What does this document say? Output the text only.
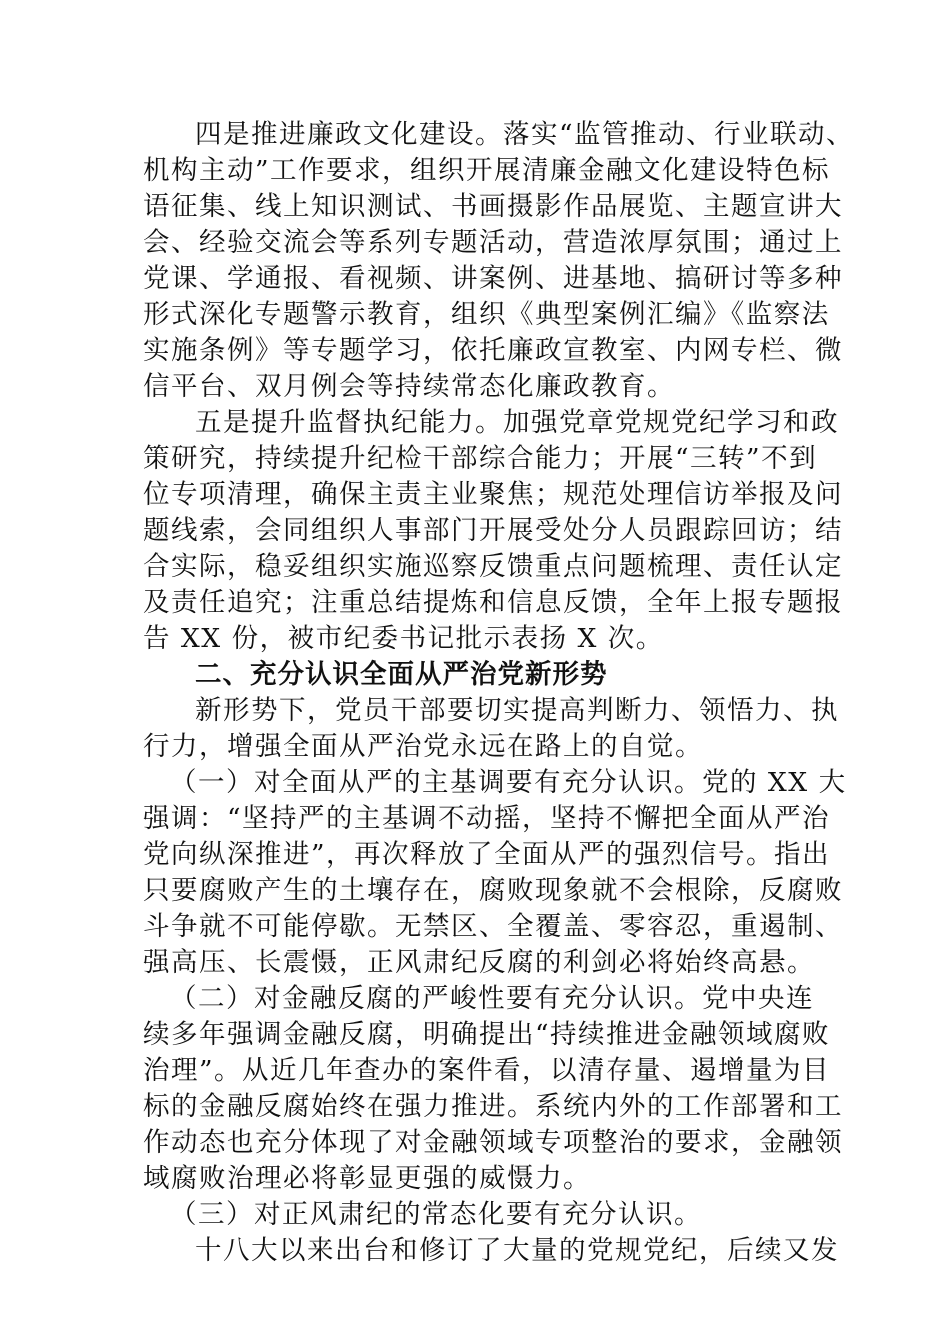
四是推进廉政文化建设。落实“监管推动、行业联动、
机构主动”工作要求，组织开展清廉金融文化建设特色标
语征集、线上知识测试、书画摄影作品展览、主题宣讲大
会、经验交流会等系列专题活动，营造浓厚氛围；通过上
党课、学通报、看视频、讲案例、进基地、搞研讨等多种
形式深化专题警示教育，组织《典型案例汇编》《监察法
实施条例》等专题学习，依托廉政宣教室、内网专栏、微
信平台、双月例会等持续常态化廉政教育。
五是提升监督执纪能力。加强党章党规党纪学习和政
策研究，持续提升纪检干部综合能力；开展“三转”不到
位专项清理，确保主责主业聚焦；规范处理信访举报及问
题线索，会同组织人事部门开展受处分人员跟踪回访；结
合实际，稳妥组织实施巡察反馈重点问题梳理、责任认定
及责任追究；注重总结提炼和信息反馈，全年上报专题报
告 XX 份，被市纪委书记批示表扬 X 次。
二、充分认识全面从严治党新形势
新形势下，党员干部要切实提高判断力、领悟力、执
行力，增强全面从严治党永远在路上的自觉。
（一）对全面从严的主基调要有充分认识。党的 XX 大
强调：“坚持严的主基调不动摇，坚持不懈把全面从严治
党向纵深推进”，再次释放了全面从严的强烈信号。指出
只要腐败产生的土壤存在，腐败现象就不会根除，反腐败
斗争就不可能停歇。无禁区、全覆盖、零容忍，重遏制、
强高压、长震慑，正风肃纪反腐的利剑必将始终高悬。
（二）对金融反腐的严峻性要有充分认识。党中央连
续多年强调金融反腐，明确提出“持续推进金融领域腐败
治理”。从近几年查办的案件看，以清存量、遏增量为目
标的金融反腐始终在强力推进。系统内外的工作部署和工
作动态也充分体现了对金融领域专项整治的要求，金融领
域腐败治理必将彰显更强的威慑力。
（三）对正风肃纪的常态化要有充分认识。
十八大以来出台和修订了大量的党规党纪，后续又发
